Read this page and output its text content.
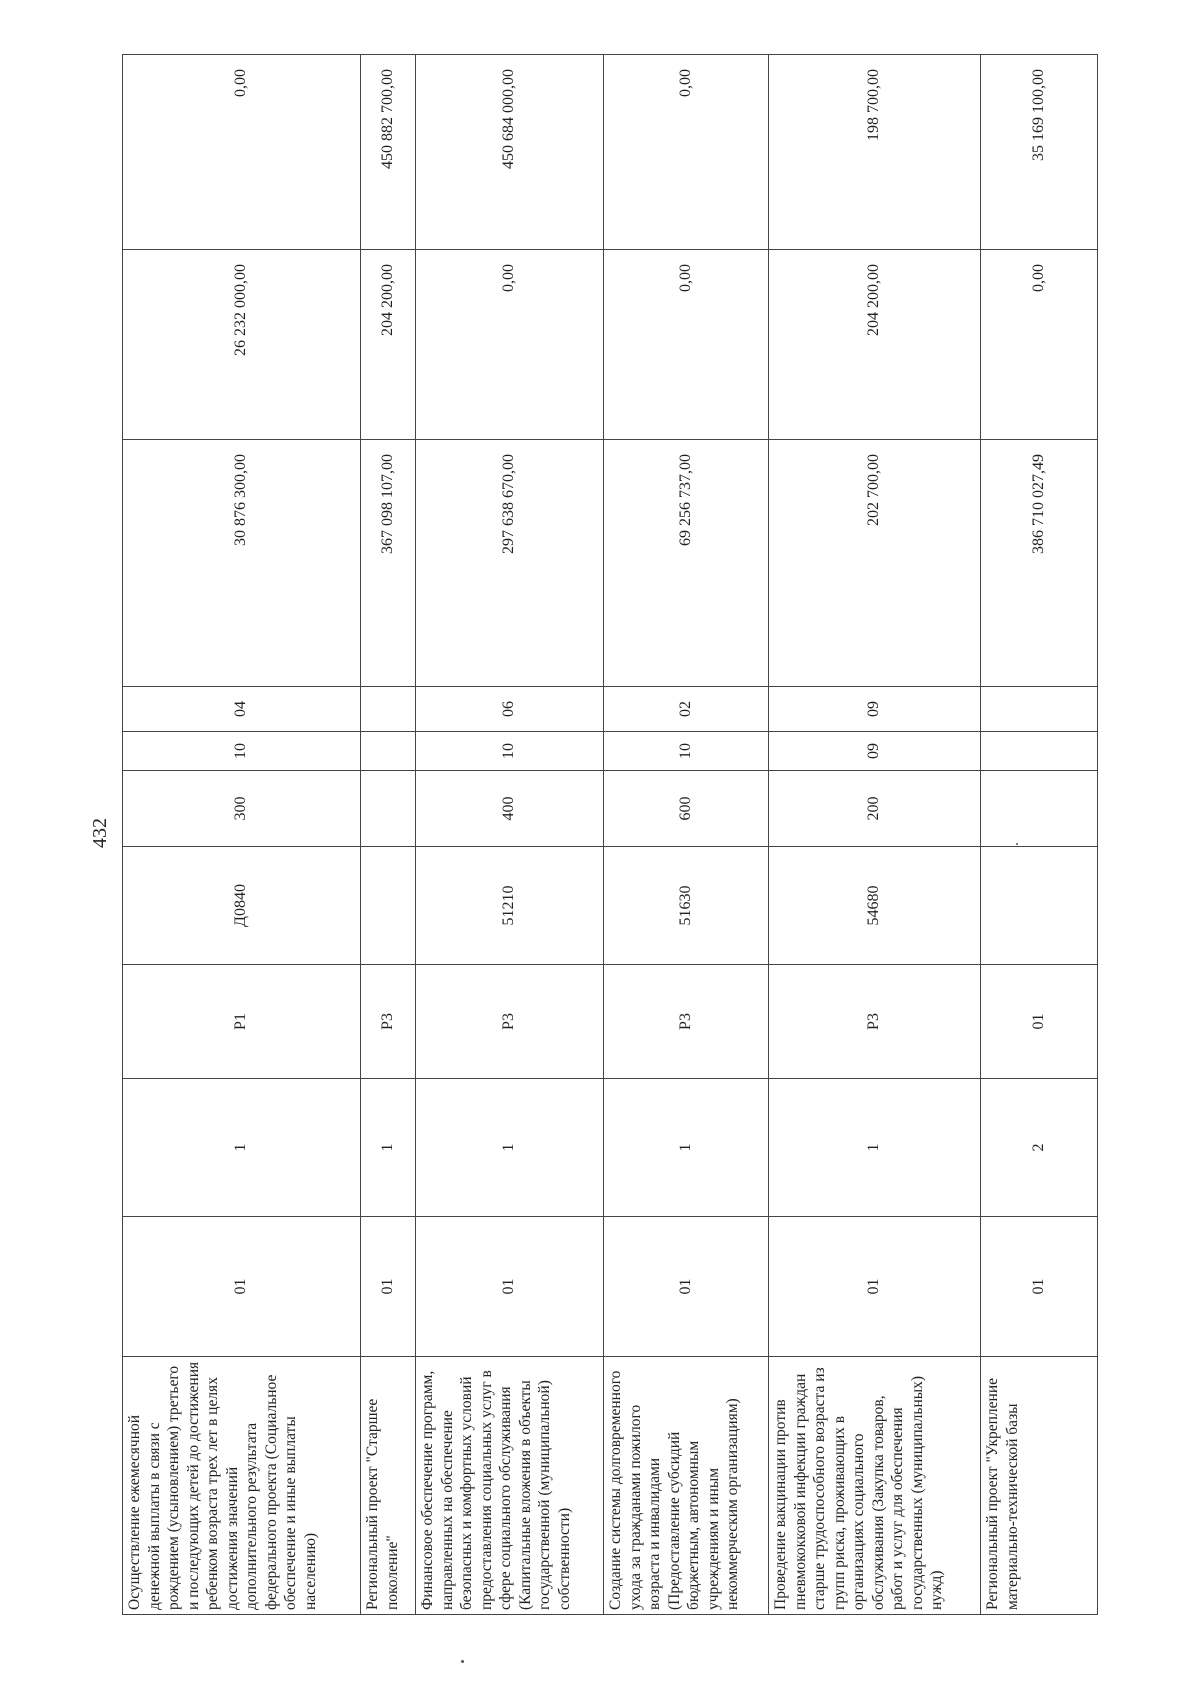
432
Осуществление ежемесячной денежной выплаты в связи с рождением (усыновлением) третьего и последующих детей до достижения ребенком возраста трех лет в целях достижения значений дополнительного результата федерального проекта (Социальное обеспечение и иные выплаты населению)	01	1	P1	Д0840	300	10	04	30 876 300,00	26 232 000,00	0,00
Региональный проект "Старшее поколение"	01	1	P3					367 098 107,00	204 200,00	450 882 700,00
Финансовое обеспечение программ, направленных на обеспечение безопасных и комфортных условий предоставления социальных услуг в сфере социального обслуживания (Капитальные вложения в объекты государственной (муниципальной) собственности)	01	1	P3	51210	400	10	06	297 638 670,00	0,00	450 684 000,00
Создание системы долговременного ухода за гражданами пожилого возраста и инвалидами (Предоставление субсидий бюджетным, автономным учреждениям и иным некоммерческим организациям)	01	1	P3	51630	600	10	02	69 256 737,00	0,00	0,00
Проведение вакцинации против пневмококковой инфекции граждан старше трудоспособного возраста из групп риска, проживающих в организациях социального обслуживания (Закупка товаров, работ и услуг для обеспечения государственных (муниципальных) нужд)	01	1	P3	54680	200	09	09	202 700,00	204 200,00	198 700,00
Региональный проект "Укрепление материально-технической базы	01	2	01					386 710 027,49	0,00	35 169 100,00
